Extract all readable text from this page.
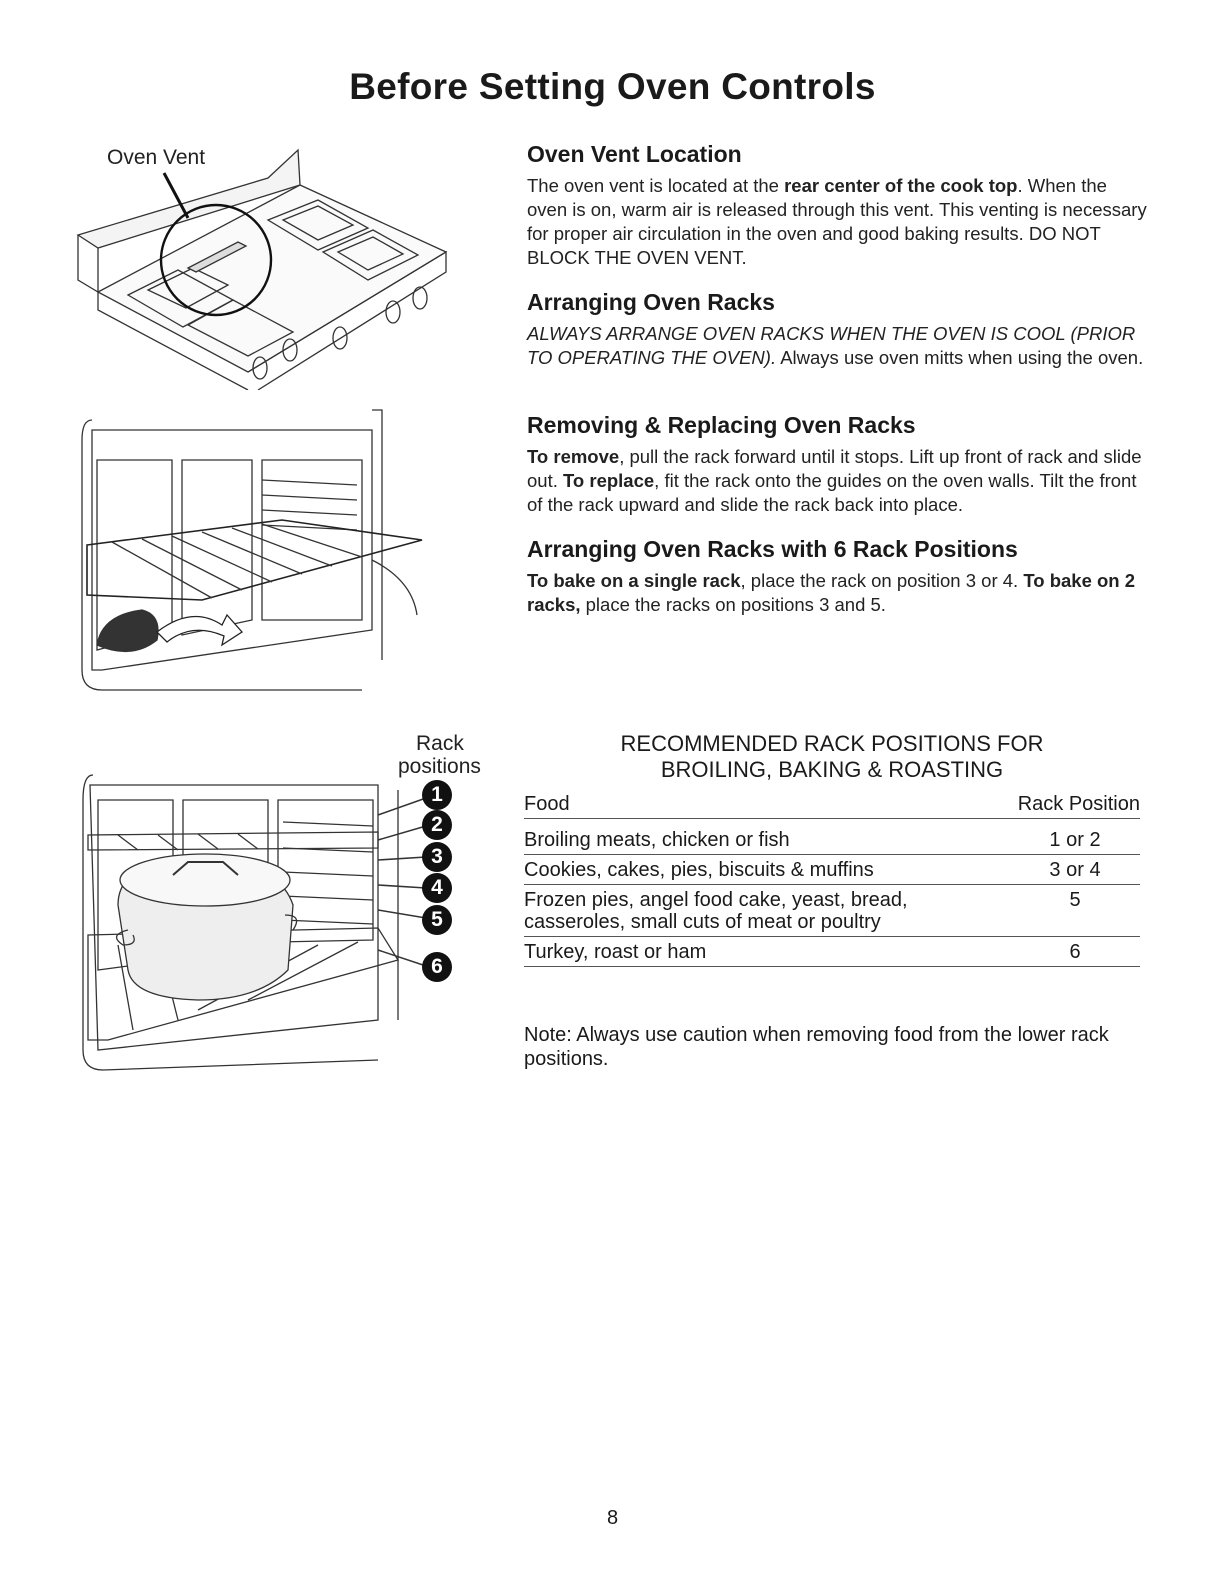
Before Setting Oven Controls
Oven Vent
Rack
positions
1
2
3
4
5
6
Oven Vent Location

The oven vent is located at the rear center of the cook top. When the oven is on, warm air is released through this vent. This venting is necessary for proper air circulation in the oven and good baking results. DO NOT BLOCK THE OVEN VENT.

Arranging Oven Racks

ALWAYS ARRANGE OVEN RACKS WHEN THE OVEN IS COOL (PRIOR TO OPERATING THE OVEN). Always use oven mitts when using the oven.

Removing & Replacing Oven Racks

To remove, pull the rack forward until it stops. Lift up front of rack and slide out. To replace, fit the rack onto the guides on the oven walls. Tilt the front of the rack upward and slide the rack back into place.

Arranging Oven Racks with 6 Rack Positions

To bake on a single rack, place the rack on position 3 or 4. To bake on 2 racks, place the racks on positions 3 and 5.

RECOMMENDED RACK POSITIONS FOR
BROILING, BAKING & ROASTING
Food	Rack Position

Broiling meats, chicken or fish	1 or 2
Cookies, cakes, pies, biscuits & muffins	3 or 4
Frozen pies, angel food cake, yeast, bread, casseroles, small cuts of meat or poultry	5
Turkey, roast or ham	6

Note: Always use caution when removing food from the lower rack positions.

8
